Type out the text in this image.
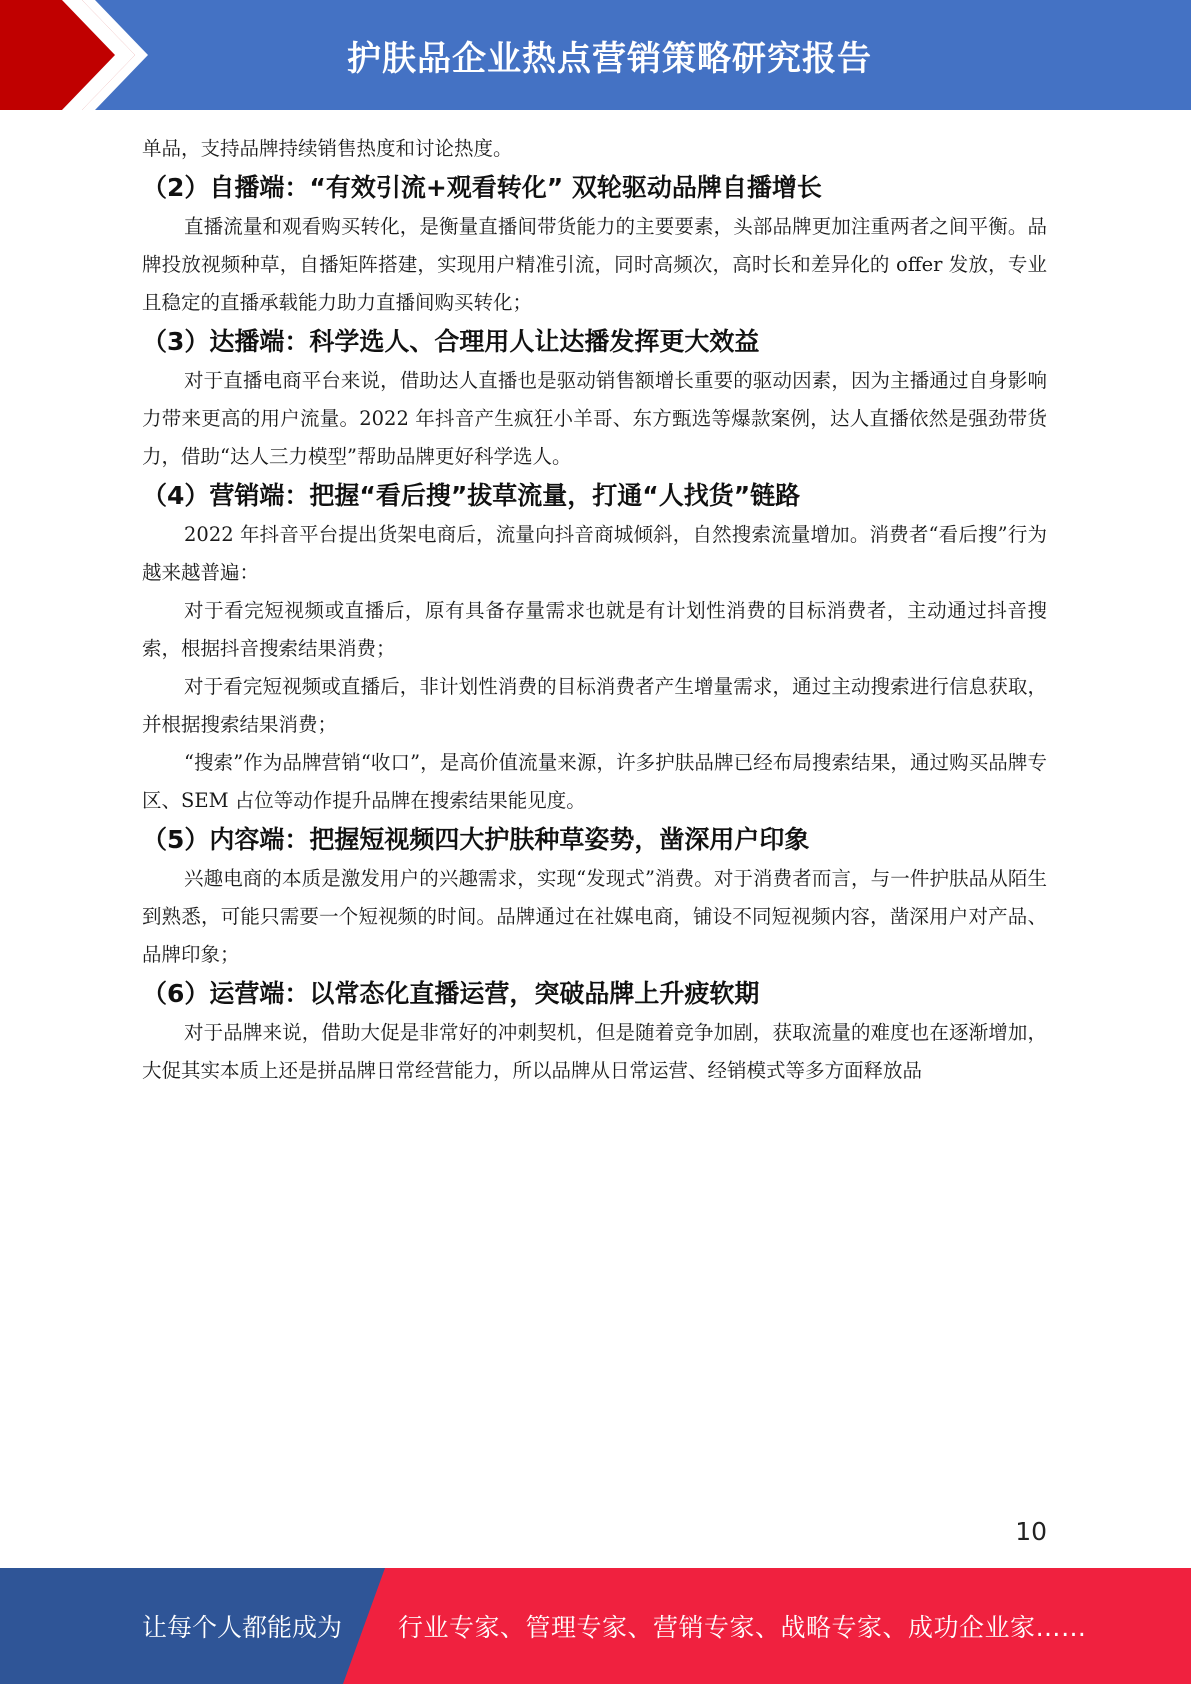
护肤品企业热点营销策略研究报告

单品，支持品牌持续销售热度和讨论热度。

（2）自播端：“有效引流+观看转化” 双轮驱动品牌自播增长

直播流量和观看购买转化，是衡量直播间带货能力的主要要素，头部品牌更加注重两者之间平衡。品牌投放视频种草，自播矩阵搭建，实现用户精准引流，同时高频次，高时长和差异化的 offer 发放，专业且稳定的直播承载能力助力直播间购买转化；

（3）达播端：科学选人、合理用人让达播发挥更大效益

对于直播电商平台来说，借助达人直播也是驱动销售额增长重要的驱动因素，因为主播通过自身影响力带来更高的用户流量。2022 年抖音产生疯狂小羊哥、东方甄选等爆款案例，达人直播依然是强劲带货力，借助“达人三力模型”帮助品牌更好科学选人。

（4）营销端：把握“看后搜”拔草流量，打通“人找货”链路

2022 年抖音平台提出货架电商后，流量向抖音商城倾斜，自然搜索流量增加。消费者“看后搜”行为越来越普遍：

对于看完短视频或直播后，原有具备存量需求也就是有计划性消费的目标消费者，主动通过抖音搜索，根据抖音搜索结果消费；

对于看完短视频或直播后，非计划性消费的目标消费者产生增量需求，通过主动搜索进行信息获取，并根据搜索结果消费；

“搜索”作为品牌营销“收口”，是高价值流量来源，许多护肤品牌已经布局搜索结果，通过购买品牌专区、SEM 占位等动作提升品牌在搜索结果能见度。

（5）内容端：把握短视频四大护肤种草姿势，凿深用户印象

兴趣电商的本质是激发用户的兴趣需求，实现“发现式”消费。对于消费者而言，与一件护肤品从陌生到熟悉，可能只需要一个短视频的时间。品牌通过在社媒电商，铺设不同短视频内容，凿深用户对产品、品牌印象；

（6）运营端：以常态化直播运营，突破品牌上升疲软期

对于品牌来说，借助大促是非常好的冲刺契机，但是随着竞争加剧，获取流量的难度也在逐渐增加，大促其实本质上还是拼品牌日常经营能力，所以品牌从日常运营、经销模式等多方面释放品

10
让每个人都能成为 行业专家、管理专家、营销专家、战略专家、成功企业家……
